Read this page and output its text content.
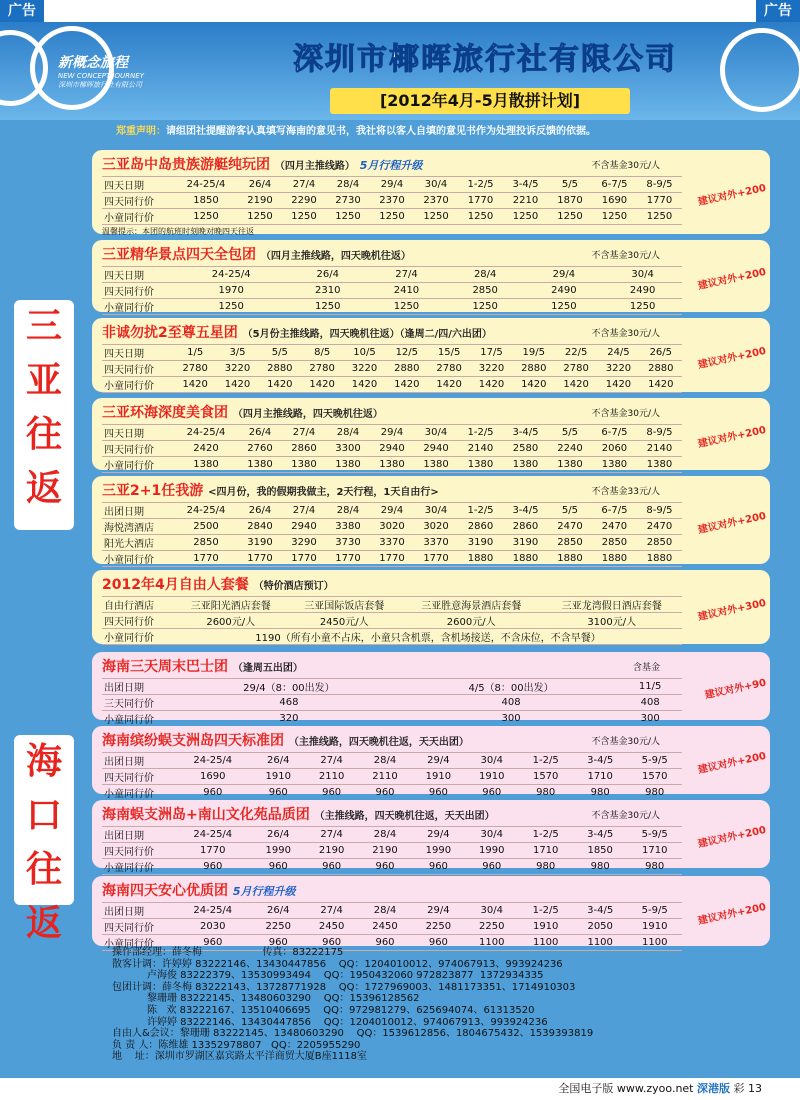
广告	广告
新概念旅程
NEW CONCEPT JOURNEY
深圳市椰晖旅行社有限公司
深圳市椰晖旅行社有限公司
[2012年4月-5月散拼计划]
郑重声明：请组团社提醒游客认真填写海南的意见书，我社将以客人自填的意见书作为处理投诉反馈的依据。
三亚往返
海口往返
三亚岛中岛贵族游艇纯玩团 （四月主推线路） 5月行程升级	不含基金30元/人
四天日期	24-25/4	26/4	27/4	28/4	29/4	30/4	1-2/5	3-4/5	5/5	6-7/5	8-9/5
四天同行价	1850	2190	2290	2730	2370	2370	1770	2210	1870	1690	1770
小童同行价	1250	1250	1250	1250	1250	1250	1250	1250	1250	1250	1250
温馨提示：本团的航班时刻晚对晚四天往返
建议对外+200
三亚精华景点四天全包团 （四月主推线路，四天晚机往返）	不含基金30元/人
四天日期	24-25/4	26/4	27/4	28/4	29/4	30/4
四天同行价	1970	2310	2410	2850	2490	2490
小童同行价	1250	1250	1250	1250	1250	1250
建议对外+200
非诚勿扰2至尊五星团 （5月份主推线路，四天晚机往返）（逢周二/四/六出团）	不含基金30元/人
四天日期	1/5	3/5	5/5	8/5	10/5	12/5	15/5	17/5	19/5	22/5	24/5	26/5
四天同行价	2780	3220	2880	2780	3220	2880	2780	3220	2880	2780	3220	2880
小童同行价	1420	1420	1420	1420	1420	1420	1420	1420	1420	1420	1420	1420
建议对外+200
三亚环海深度美食团 （四月主推线路，四天晚机往返）	不含基金30元/人
四天日期	24-25/4	26/4	27/4	28/4	29/4	30/4	1-2/5	3-4/5	5/5	6-7/5	8-9/5
四天同行价	2420	2760	2860	3300	2940	2940	2140	2580	2240	2060	2140
小童同行价	1380	1380	1380	1380	1380	1380	1380	1380	1380	1380	1380
建议对外+200
三亚2+1任我游 <四月份，我的假期我做主，2天行程，1天自由行>	不含基金33元/人
出团日期	24-25/4	26/4	27/4	28/4	29/4	30/4	1-2/5	3-4/5	5/5	6-7/5	8-9/5
海悦湾酒店	2500	2840	2940	3380	3020	3020	2860	2860	2470	2470	2470
阳光大酒店	2850	3190	3290	3730	3370	3370	3190	3190	2850	2850	2850
小童同行价	1770	1770	1770	1770	1770	1770	1880	1880	1880	1880	1880
建议对外+200
2012年4月自由人套餐 （特价酒店预订）
自由行酒店	三亚阳光酒店套餐	三亚国际饭店套餐	三亚胜意海景酒店套餐	三亚龙湾假日酒店套餐
四天同行价	2600元/人	2450元/人	2600元/人	3100元/人
小童同行价	1190（所有小童不占床，小童只含机票，含机场接送，不含床位，不含早餐）
建议对外+300
海南三天周末巴士团 （逢周五出团）	含基金
出团日期	29/4（8：00出发）	4/5（8：00出发）	11/5
三天同行价	468	408	408
小童同行价	320	300	300
建议对外+90
海南缤纷蜈支洲岛四天标准团 （主推线路，四天晚机往返，天天出团）	不含基金30元/人
出团日期	24-25/4	26/4	27/4	28/4	29/4	30/4	1-2/5	3-4/5	5-9/5
四天同行价	1690	1910	2110	2110	1910	1910	1570	1710	1570
小童同行价	960	960	960	960	960	960	980	980	980
建议对外+200
海南蜈支洲岛+南山文化苑品质团 （主推线路，四天晚机往返，天天出团）	不含基金30元/人
出团日期	24-25/4	26/4	27/4	28/4	29/4	30/4	1-2/5	3-4/5	5-9/5
四天同行价	1770	1990	2190	2190	1990	1990	1710	1850	1710
小童同行价	960	960	960	960	960	960	980	980	980
建议对外+200
海南四天安心优质团 5月行程升级
出团日期	24-25/4	26/4	27/4	28/4	29/4	30/4	1-2/5	3-4/5	5-9/5
四天同行价	2030	2250	2450	2450	2250	2250	1910	2050	1910
小童同行价	960	960	960	960	960	1100	1100	1100	1100
建议对外+200
操作部经理：薛冬梅                   传真：83222175
散客计调：许婷婷 83222146、13430447856    QQ：1204010012、974067913、993924236
卢海俊 83222379、13530993494    QQ：1950432060 972823877  1372934335
包团计调：薛冬梅 83222143、13728771928    QQ：1727969003、1481173351、1714910303
黎珊珊 83222145、13480603290    QQ：15396128562
陈   欢 83222167、13510406695    QQ：972981279、625694074、61313520
许婷婷 83222146、13430447856    QQ：1204010012、974067913、993924236
自由人&会议：黎珊珊 83222145、13480603290    QQ：1539612856、1804675432、1539393819
负 责 人：陈维雄 13352978807   QQ：2205955290
地    址：深圳市罗湖区嘉宾路太平洋商贸大厦B座1118室
全国电子版 www.zyoo.net 深港版 彩 13
